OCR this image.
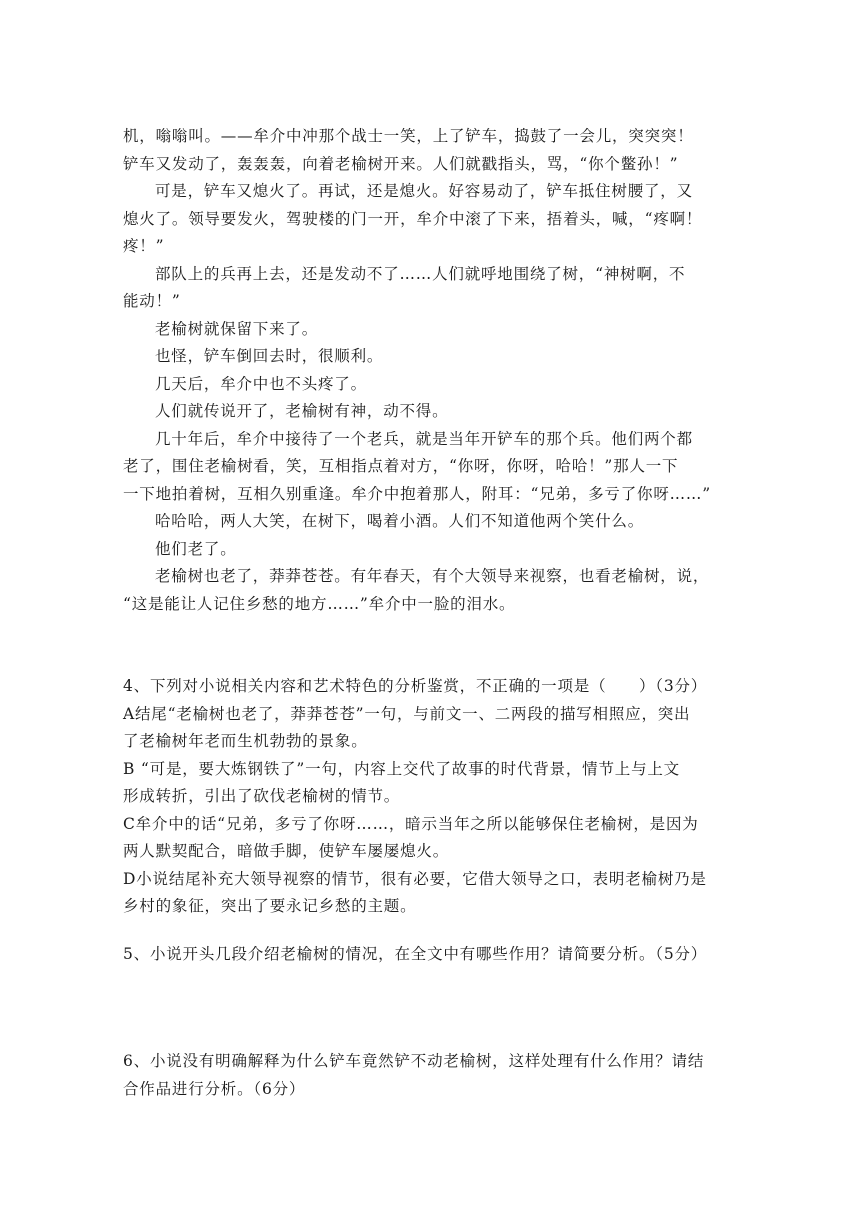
机，嗡嗡叫。——牟介中冲那个战士一笑，上了铲车，捣鼓了一会儿，突突突！
铲车又发动了，轰轰轰，向着老榆树开来。人们就戳指头，骂，“你个鳖孙！”
可是，铲车又熄火了。再试，还是熄火。好容易动了，铲车抵住树腰了，又
熄火了。领导要发火，驾驶楼的门一开，牟介中滚了下来，捂着头，喊，“疼啊！
疼！”
部队上的兵再上去，还是发动不了……人们就呼地围绕了树，“神树啊，不
能动！”
老榆树就保留下来了。
也怪，铲车倒回去时，很顺利。
几天后，牟介中也不头疼了。
人们就传说开了，老榆树有神，动不得。
几十年后，牟介中接待了一个老兵，就是当年开铲车的那个兵。他们两个都
老了，围住老榆树看，笑，互相指点着对方，“你呀，你呀，哈哈！”那人一下
一下地拍着树，互相久别重逢。牟介中抱着那人，附耳：“兄弟，多亏了你呀……”
哈哈哈，两人大笑，在树下，喝着小酒。人们不知道他两个笑什么。
他们老了。
老榆树也老了，莽莽苍苍。有年春天，有个大领导来视察，也看老榆树，说，
“这是能让人记住乡愁的地方……”牟介中一脸的泪水。
4、下列对小说相关内容和艺术特色的分析鉴赏，不正确的一项是（　　）（3分）
A结尾“老榆树也老了，莽莽苍苍”一句，与前文一、二两段的描写相照应，突出
了老榆树年老而生机勃勃的景象。
B “可是，要大炼钢铁了”一句，内容上交代了故事的时代背景，情节上与上文
形成转折，引出了砍伐老榆树的情节。
C牟介中的话“兄弟，多亏了你呀……，暗示当年之所以能够保住老榆树，是因为
两人默契配合，暗做手脚，使铲车屡屡熄火。
D小说结尾补充大领导视察的情节，很有必要，它借大领导之口，表明老榆树乃是
乡村的象征，突出了要永记乡愁的主题。
5、小说开头几段介绍老榆树的情况，在全文中有哪些作用？请简要分析。（5分）
6、小说没有明确解释为什么铲车竟然铲不动老榆树，这样处理有什么作用？请结
合作品进行分析。（6分）
